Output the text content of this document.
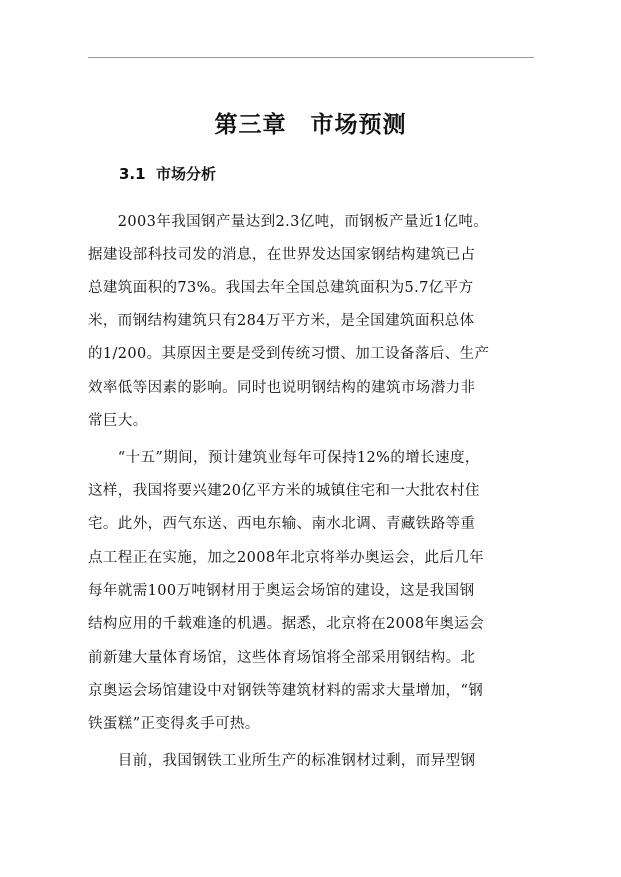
第三章　市场预测
3.1  市场分析
　　2003年我国钢产量达到2.3亿吨，而钢板产量近1亿吨。
据建设部科技司发的消息，在世界发达国家钢结构建筑已占
总建筑面积的73%。我国去年全国总建筑面积为5.7亿平方
米，而钢结构建筑只有284万平方米，是全国建筑面积总体
的1/200。其原因主要是受到传统习惯、加工设备落后、生产
效率低等因素的影响。同时也说明钢结构的建筑市场潜力非
常巨大。
　　“十五”期间，预计建筑业每年可保持12%的增长速度，
这样，我国将要兴建20亿平方米的城镇住宅和一大批农村住
宅。此外，西气东送、西电东输、南水北调、青藏铁路等重
点工程正在实施，加之2008年北京将举办奥运会，此后几年
每年就需100万吨钢材用于奥运会场馆的建设，这是我国钢
结构应用的千载难逢的机遇。据悉，北京将在2008年奥运会
前新建大量体育场馆，这些体育场馆将全部采用钢结构。北
京奥运会场馆建设中对钢铁等建筑材料的需求大量增加，“钢
铁蛋糕”正变得炙手可热。
　　目前，我国钢铁工业所生产的标准钢材过剩，而异型钢
